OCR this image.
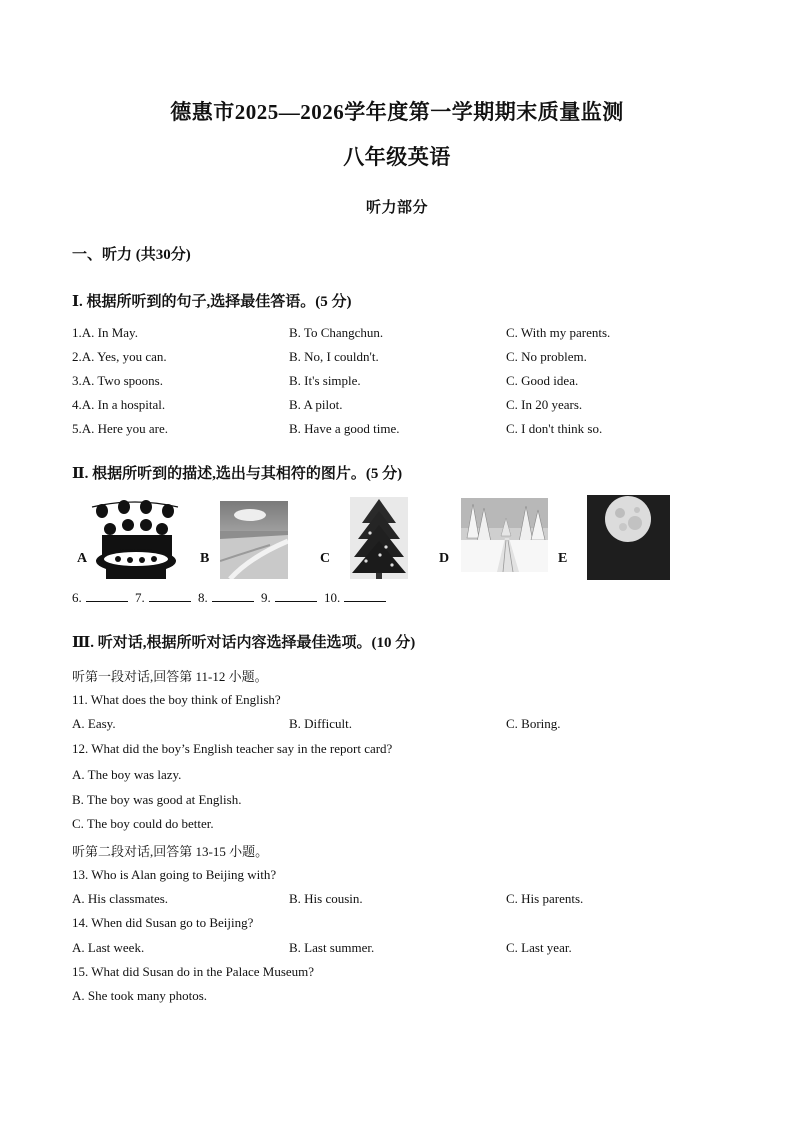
德惠市2025—2026学年度第一学期期末质量监测
八年级英语
听力部分
一、听力 (共30分)
Ⅰ. 根据所听到的句子,选择最佳答语。(5 分)
1.A. In May.	B. To Changchun.	C. With my parents.
2.A. Yes, you can.	B. No, I couldn't.	C. No problem.
3.A. Two spoons.	B. It's simple.	C. Good idea.
4.A. In a hospital.	B. A pilot.	C. In 20 years.
5.A. Here you are.	B. Have a good time.	C. I don't think so.
Ⅱ. 根据所听到的描述,选出与其相符的图片。(5 分)
A	B	C	D	E
6.	7.	8.	9.	10.
Ⅲ. 听对话,根据所听对话内容选择最佳选项。(10 分)
听第一段对话,回答第 11-12 小题。
11. What does the boy think of English?
A. Easy.	B. Difficult.	C. Boring.
12. What did the boy’s English teacher say in the report card?
A. The boy was lazy.
B. The boy was good at English.
C. The boy could do better.
听第二段对话,回答第 13-15 小题。
13. Who is Alan going to Beijing with?
A. His classmates.	B. His cousin.	C. His parents.
14. When did Susan go to Beijing?
A. Last week.	B. Last summer.	C. Last year.
15. What did Susan do in the Palace Museum?
A. She took many photos.
